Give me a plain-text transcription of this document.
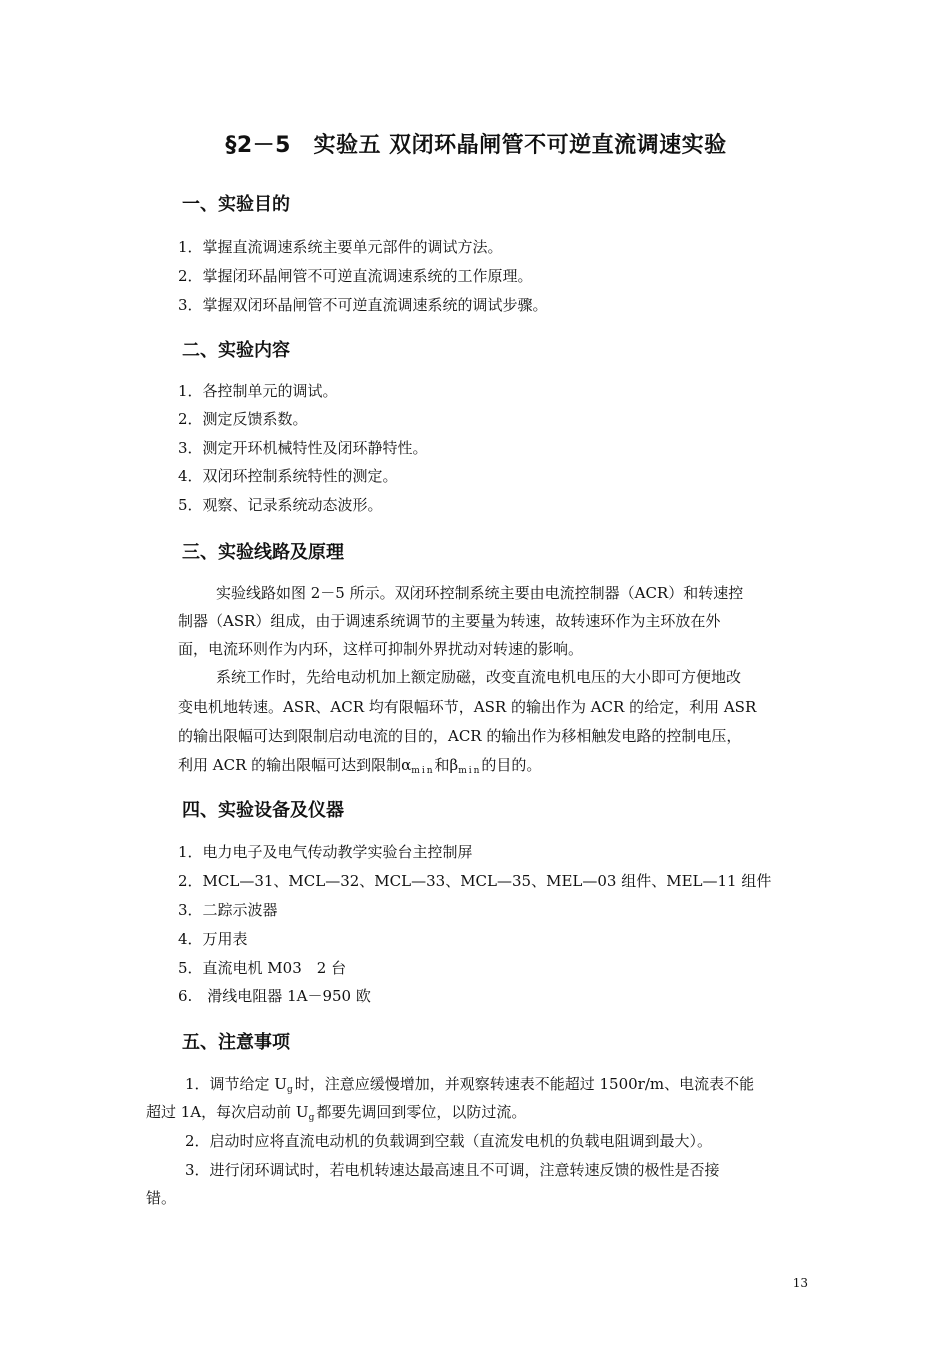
§2－5　实验五 双闭环晶闸管不可逆直流调速实验
一、实验目的
1．掌握直流调速系统主要单元部件的调试方法。
2．掌握闭环晶闸管不可逆直流调速系统的工作原理。
3．掌握双闭环晶闸管不可逆直流调速系统的调试步骤。
二、实验内容
1．各控制单元的调试。
2．测定反馈系数。
3．测定开环机械特性及闭环静特性。
4．双闭环控制系统特性的测定。
5．观察、记录系统动态波形。
三、实验线路及原理
实验线路如图 2－5 所示。双闭环控制系统主要由电流控制器（ACR）和转速控
制器（ASR）组成，由于调速系统调节的主要量为转速，故转速环作为主环放在外
面，电流环则作为内环，这样可抑制外界扰动对转速的影响。
系统工作时，先给电动机加上额定励磁，改变直流电机电压的大小即可方便地改
变电机地转速。ASR、ACR 均有限幅环节，ASR 的输出作为 ACR 的给定，利用 ASR
的输出限幅可达到限制启动电流的目的，ACR 的输出作为移相触发电路的控制电压，
利用 ACR 的输出限幅可达到限制$\alpha_{min}$和$\beta_{min}$的目的。
四、实验设备及仪器
1．电力电子及电气传动教学实验台主控制屏
2．MCL—31、MCL—32、MCL—33、MCL—35、MEL—03 组件、MEL—11 组件
3．二踪示波器
4．万用表
5．直流电机 M03　2 台
6.　滑线电阻器 1A－950 欧
五、注意事项
1．调节给定 $U_g$时，注意应缓慢增加，并观察转速表不能超过 1500r/m、电流表不能
超过 1A，每次启动前 $U_g$都要先调回到零位，以防过流。
2．启动时应将直流电动机的负载调到空载（直流发电机的负载电阻调到最大）。
3．进行闭环调试时，若电机转速达最高速且不可调，注意转速反馈的极性是否接
错。
13
